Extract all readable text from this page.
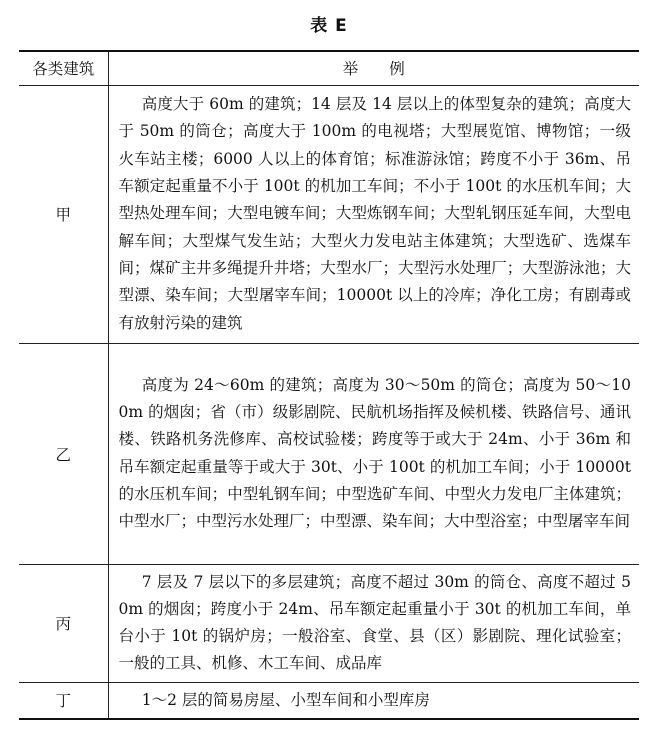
表 E
各类建筑	举例
甲	高度大于 60m 的建筑；14 层及 14 层以上的体型复杂的建筑；高度大于 50m 的筒仓；高度大于 100m 的电视塔；大型展览馆、博物馆；一级火车站主楼；6000 人以上的体育馆；标准游泳馆；跨度不小于 36m、吊车额定起重量不小于 100t 的机加工车间；不小于 100t 的水压机车间；大型热处理车间；大型电镀车间；大型炼钢车间；大型轧钢压延车间，大型电解车间；大型煤气发生站；大型火力发电站主体建筑；大型选矿、选煤车间；煤矿主井多绳提升井塔；大型水厂；大型污水处理厂；大型游泳池；大型漂、染车间；大型屠宰车间；10000t 以上的冷库；净化工房；有剧毒或有放射污染的建筑
乙	高度为 24～60m 的建筑；高度为 30～50m 的筒仓；高度为 50～100m 的烟囱；省（市）级影剧院、民航机场指挥及候机楼、铁路信号、通讯楼、铁路机务洗修库、高校试验楼；跨度等于或大于 24m、小于 36m 和吊车额定起重量等于或大于 30t、小于 100t 的机加工车间；小于 10000t 的水压机车间；中型轧钢车间；中型选矿车间、中型火力发电厂主体建筑；中型水厂；中型污水处理厂；中型漂、染车间；大中型浴室；中型屠宰车间
丙	7 层及 7 层以下的多层建筑；高度不超过 30m 的筒仓、高度不超过 50m 的烟囱；跨度小于 24m、吊车额定起重量小于 30t 的机加工车间，单台小于 10t 的锅炉房；一般浴室、食堂、县（区）影剧院、理化试验室；一般的工具、机修、木工车间、成品库
丁	1～2 层的简易房屋、小型车间和小型库房
